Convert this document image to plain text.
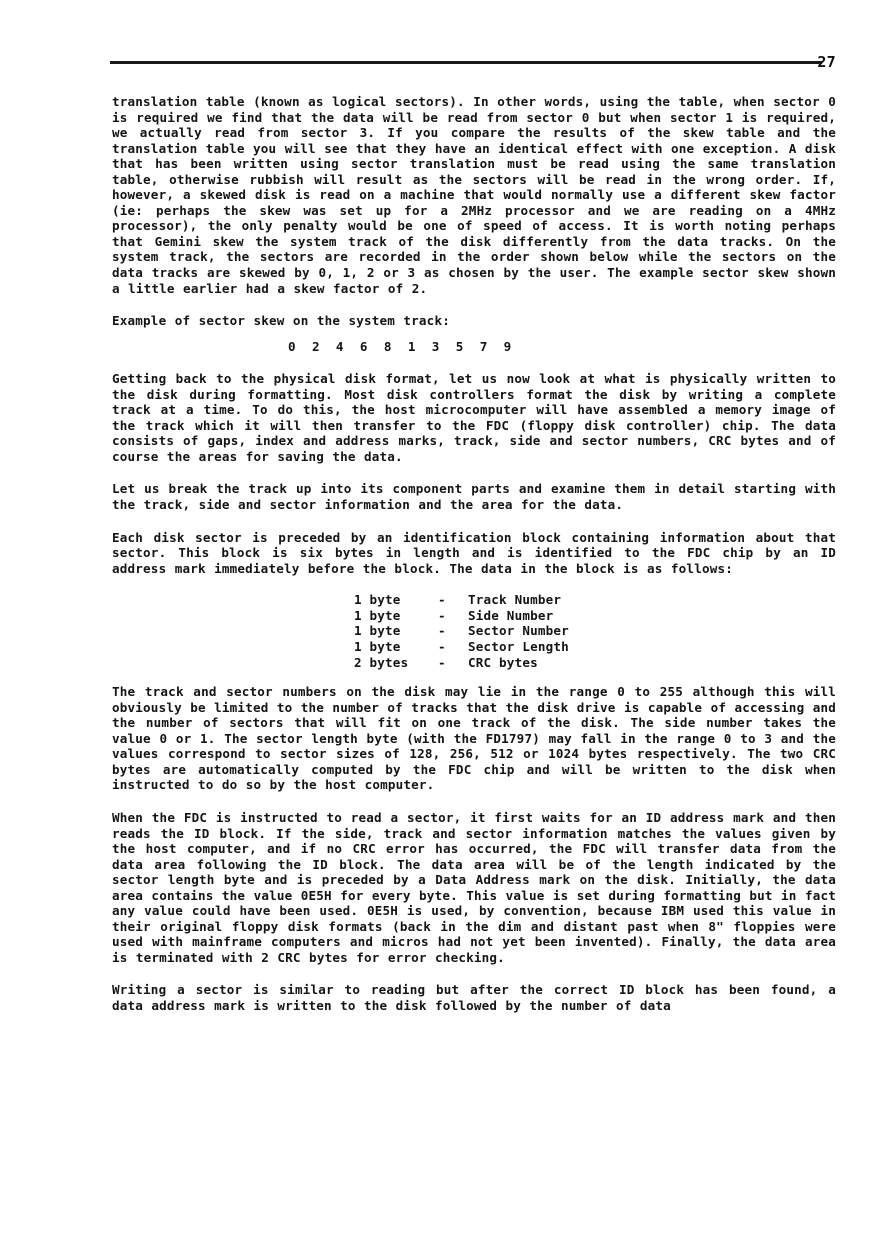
27

translation table (known as logical sectors). In other words, using the table, when sector 0 is required we find that the data will be read from sector 0 but when sector 1 is required, we actually read from sector 3. If you compare the results of the skew table and the translation table you will see that they have an identical effect with one exception. A disk that has been written using sector translation must be read using the same translation table, otherwise rubbish will result as the sectors will be read in the wrong order. If, however, a skewed disk is read on a machine that would normally use a different skew factor (ie: perhaps the skew was set up for a 2MHz processor and we are reading on a 4MHz processor), the only penalty would be one of speed of access. It is worth noting perhaps that Gemini skew the system track of the disk differently from the data tracks. On the system track, the sectors are recorded in the order shown below while the sectors on the data tracks are skewed by 0, 1, 2 or 3 as chosen by the user. The example sector skew shown a little earlier had a skew factor of 2.

Example of sector skew on the system track:

0 2 4 6 8 1 3 5 7 9

Getting back to the physical disk format, let us now look at what is physically written to the disk during formatting. Most disk controllers format the disk by writing a complete track at a time. To do this, the host microcomputer will have assembled a memory image of the track which it will then transfer to the FDC (floppy disk controller) chip. The data consists of gaps, index and address marks, track, side and sector numbers, CRC bytes and of course the areas for saving the data.

Let us break the track up into its component parts and examine them in detail starting with the track, side and sector information and the area for the data.

Each disk sector is preceded by an identification block containing information about that sector. This block is six bytes in length and is identified to the FDC chip by an ID address mark immediately before the block. The data in the block is as follows:

1 byte	-	Track Number
1 byte	-	Side Number
1 byte	-	Sector Number
1 byte	-	Sector Length
2 bytes	-	CRC bytes

The track and sector numbers on the disk may lie in the range 0 to 255 although this will obviously be limited to the number of tracks that the disk drive is capable of accessing and the number of sectors that will fit on one track of the disk. The side number takes the value 0 or 1. The sector length byte (with the FD1797) may fall in the range 0 to 3 and the values correspond to sector sizes of 128, 256, 512 or 1024 bytes respectively. The two CRC bytes are automatically computed by the FDC chip and will be written to the disk when instructed to do so by the host computer.

When the FDC is instructed to read a sector, it first waits for an ID address mark and then reads the ID block. If the side, track and sector information matches the values given by the host computer, and if no CRC error has occurred, the FDC will transfer data from the data area following the ID block. The data area will be of the length indicated by the sector length byte and is preceded by a Data Address mark on the disk. Initially, the data area contains the value 0E5H for every byte. This value is set during formatting but in fact any value could have been used. 0E5H is used, by convention, because IBM used this value in their original floppy disk formats (back in the dim and distant past when 8" floppies were used with mainframe computers and micros had not yet been invented). Finally, the data area is terminated with 2 CRC bytes for error checking.

Writing a sector is similar to reading but after the correct ID block has been found, a data address mark is written to the disk followed by the number of data
